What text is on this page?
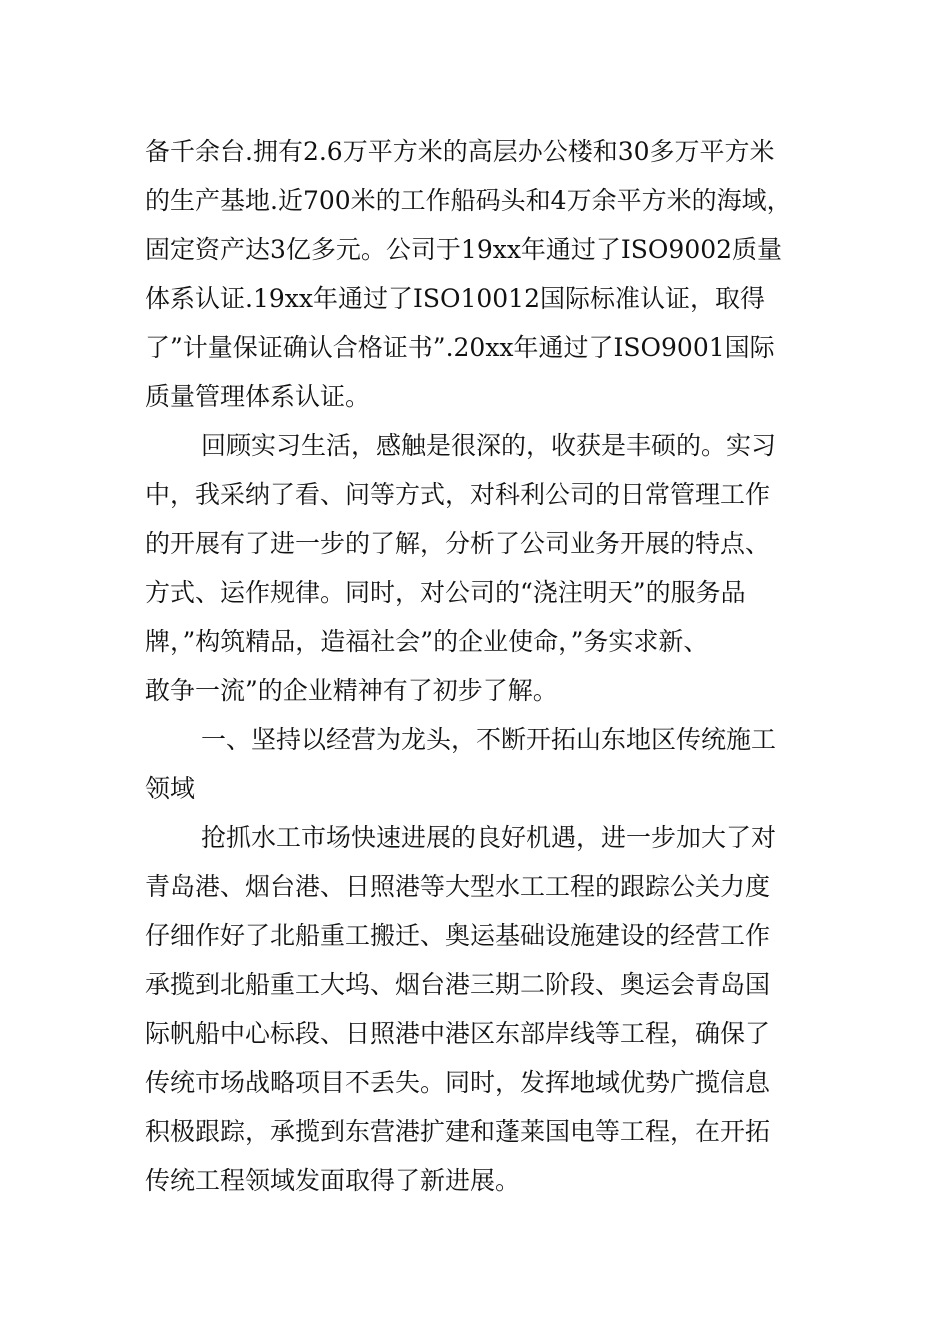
备千余台.拥有2.6万平方米的高层办公楼和30多万平方米

的生产基地.近700米的工作船码头和4万余平方米的海域，

固定资产达3亿多元。公司于19xx年通过了ISO9002质量

体系认证.19xx年通过了ISO10012国际标准认证，取得

了”计量保证确认合格证书”.20xx年通过了ISO9001国际

质量管理体系认证。

回顾实习生活，感触是很深的，收获是丰硕的。实习

中，我采纳了看、问等方式，对科利公司的日常管理工作

的开展有了进一步的了解，分析了公司业务开展的特点、

方式、运作规律。同时，对公司的“浇注明天”的服务品

牌，”构筑精品，造福社会”的企业使命，”务实求新、

敢争一流”的企业精神有了初步了解。

一、坚持以经营为龙头，不断开拓山东地区传统施工

领域

抢抓水工市场快速进展的良好机遇，进一步加大了对

青岛港、烟台港、日照港等大型水工工程的跟踪公关力度

仔细作好了北船重工搬迁、奥运基础设施建设的经营工作

承揽到北船重工大坞、烟台港三期二阶段、奥运会青岛国

际帆船中心标段、日照港中港区东部岸线等工程，确保了

传统市场战略项目不丢失。同时，发挥地域优势广揽信息

积极跟踪，承揽到东营港扩建和蓬莱国电等工程，在开拓

传统工程领域发面取得了新进展。
